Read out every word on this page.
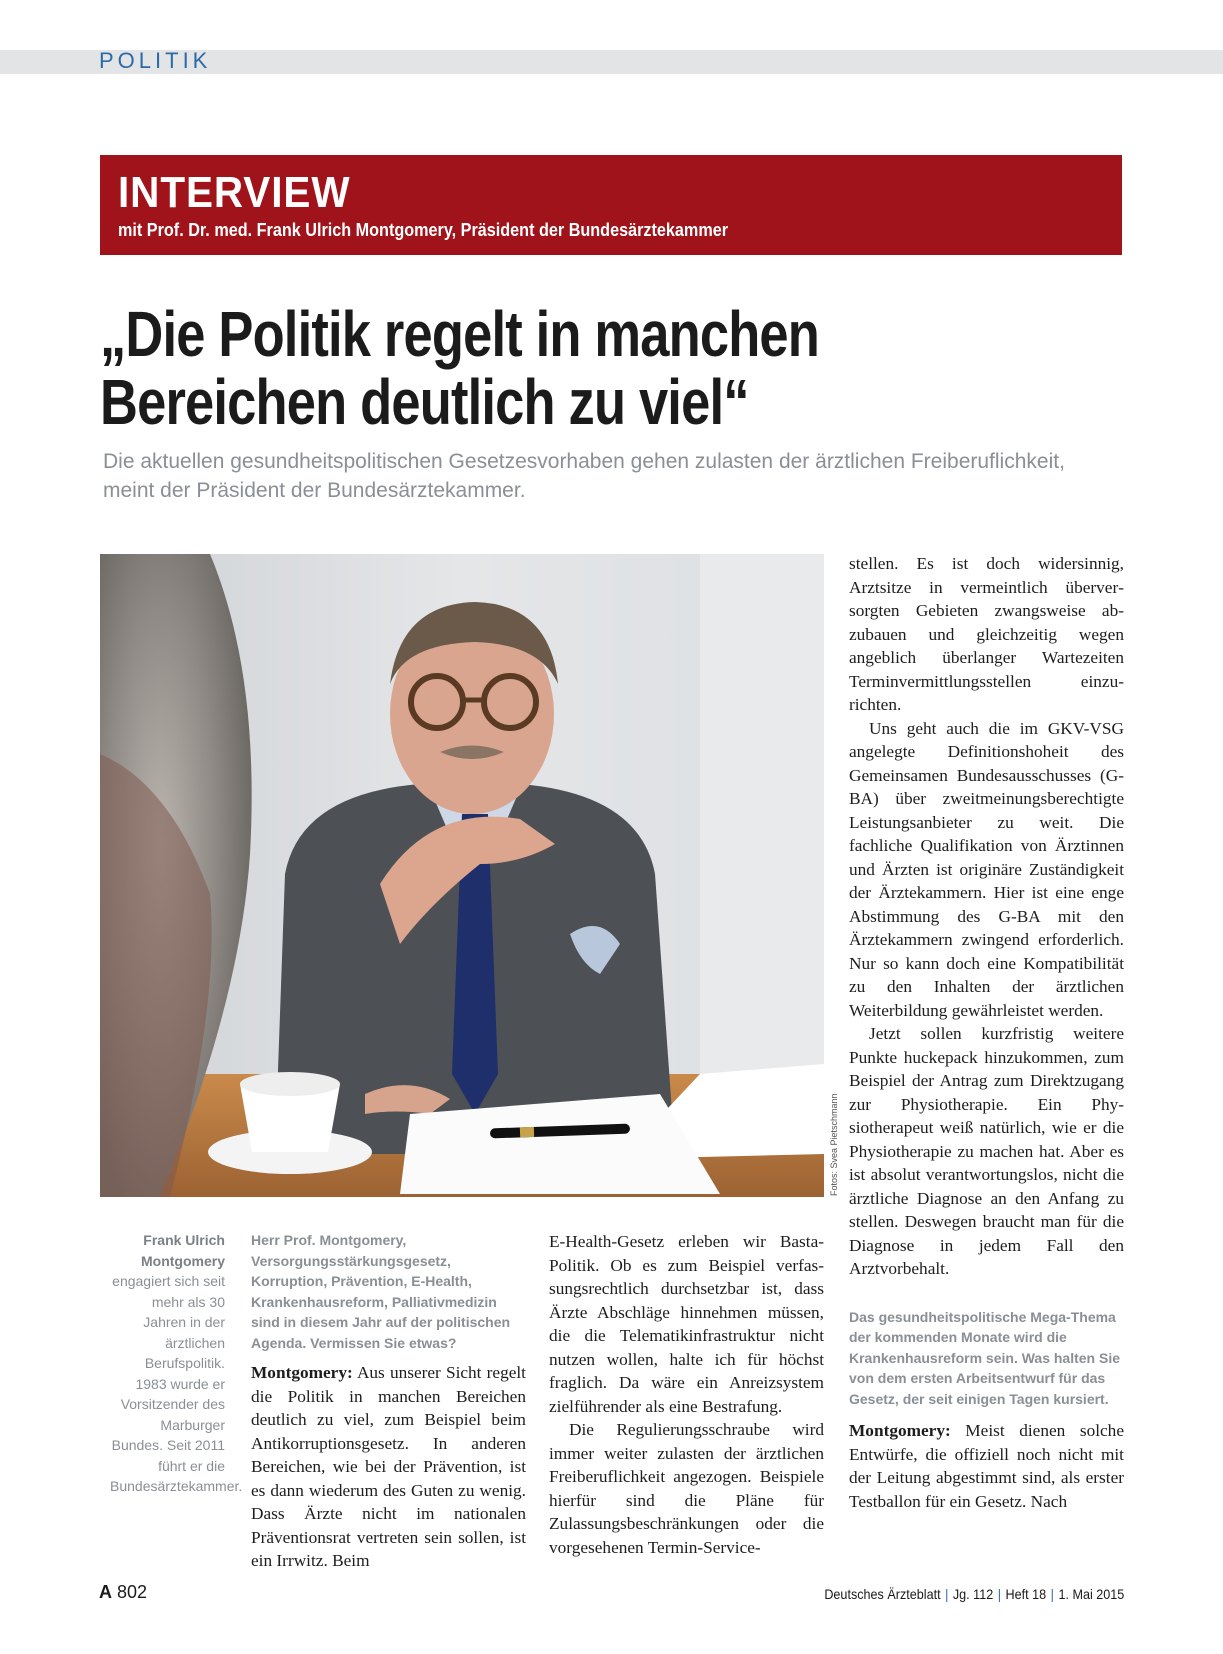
POLITIK
INTERVIEW
mit Prof. Dr. med. Frank Ulrich Montgomery, Präsident der Bundesärztekammer
„Die Politik regelt in manchen
Bereichen deutlich zu viel“
Die aktuellen gesundheitspolitischen Gesetzesvorhaben gehen zulasten der ärztlichen Freiberuflichkeit, meint der Präsident der Bundesärztekammer.
Fotos: Svea Pietschmann
Frank Ulrich Montgomery engagiert sich seit mehr als 30 Jahren in der ärztlichen Berufspolitik. 1983 wurde er Vorsitzender des Marburger Bundes. Seit 2011 führt er die Bundesärztekammer.

Herr Prof. Montgomery, Versorgungsstärkungsgesetz, Korruption, Prävention, E-Health, Krankenhausreform, Palliativmedizin sind in diesem Jahr auf der politischen Agenda. Vermissen Sie etwas?

Montgomery: Aus unserer Sicht regelt die Politik in manchen Bereichen deutlich zu viel, zum Beispiel beim Antikorruptionsgesetz. In anderen Bereichen, wie bei der Prävention, ist es dann wiederum des Guten zu wenig. Dass Ärzte nicht im nationalen Präventionsrat vertreten sein sollen, ist ein Irrwitz. Beim

E-Health-Gesetz erleben wir Basta-Politik. Ob es zum Beispiel verfassungsrechtlich durchsetzbar ist, dass Ärzte Abschläge hinnehmen müssen, die die Telematikinfrastruktur nicht nutzen wollen, halte ich für höchst fraglich. Da wäre ein Anreizsystem zielführender als eine Bestrafung.

Die Regulierungsschraube wird immer weiter zulasten der ärztlichen Freiberuflichkeit angezogen. Beispiele hierfür sind die Pläne für Zulassungsbeschränkungen oder die vorgesehenen Termin-Service-

stellen. Es ist doch widersinnig, Arztsitze in vermeintlich überversorgten Gebieten zwangsweise abzubauen und gleichzeitig wegen angeblich überlanger Wartezeiten Terminvermittlungsstellen einzurichten.

Uns geht auch die im GKV-VSG angelegte Definitionshoheit des Gemeinsamen Bundesausschusses (G-BA) über zweitmeinungsberechtigte Leistungsanbieter zu weit. Die fachliche Qualifikation von Ärztinnen und Ärzten ist originäre Zuständigkeit der Ärztekammern. Hier ist eine enge Abstimmung des G-BA mit den Ärztekammern zwingend erforderlich. Nur so kann doch eine Kompatibilität zu den Inhalten der ärztlichen Weiterbildung gewährleistet werden.

Jetzt sollen kurzfristig weitere Punkte huckepack hinzukommen, zum Beispiel der Antrag zum Direktzugang zur Physiotherapie. Ein Physiotherapeut weiß natürlich, wie er die Physiotherapie zu machen hat. Aber es ist absolut verantwortungslos, nicht die ärztliche Diagnose an den Anfang zu stellen. Deswegen braucht man für die Diagnose in jedem Fall den Arztvorbehalt.

Das gesundheitspolitische Mega-Thema der kommenden Monate wird die Krankenhausreform sein. Was halten Sie von dem ersten Arbeitsentwurf für das Gesetz, der seit einigen Tagen kursiert.

Montgomery: Meist dienen solche Entwürfe, die offiziell noch nicht mit der Leitung abgestimmt sind, als erster Testballon für ein Gesetz. Nach

A 802	Deutsches Ärzteblatt | Jg. 112 | Heft 18 | 1. Mai 2015
